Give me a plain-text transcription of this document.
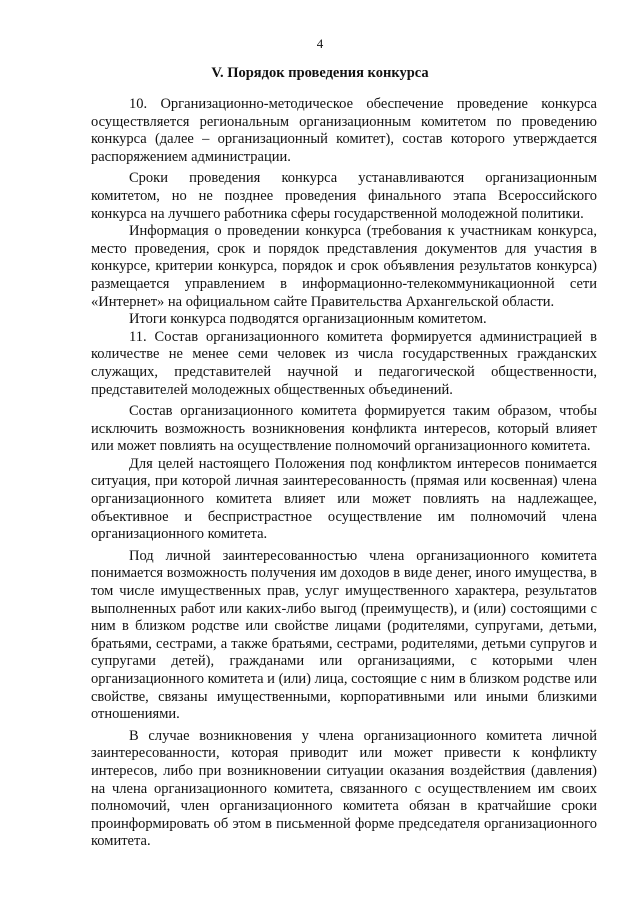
4
V. Порядок проведения конкурса

10. Организационно-методическое обеспечение проведение конкурса осуществляется региональным организационным комитетом по проведению конкурса (далее – организационный комитет), состав которого утверждается распоряжением администрации.

Сроки проведения конкурса устанавливаются организационным комитетом, но не позднее проведения финального этапа Всероссийского конкурса на лучшего работника сферы государственной молодежной политики.

Информация о проведении конкурса (требования к участникам конкурса, место проведения, срок и порядок представления документов для участия в конкурсе, критерии конкурса, порядок и срок объявления результатов конкурса) размещается управлением в информационно-телекоммуникационной сети «Интернет» на официальном сайте Правительства Архангельской области.

Итоги конкурса подводятся организационным комитетом.

11. Состав организационного комитета формируется администрацией в количестве не менее семи человек из числа государственных гражданских служащих, представителей научной и педагогической общественности, представителей молодежных общественных объединений.

Состав организационного комитета формируется таким образом, чтобы исключить возможность возникновения конфликта интересов, который влияет или может повлиять на осуществление полномочий организационного комитета.

Для целей настоящего Положения под конфликтом интересов понимается ситуация, при которой личная заинтересованность (прямая или косвенная) члена организационного комитета влияет или может повлиять на надлежащее, объективное и беспристрастное осуществление им полномочий члена организационного комитета.

Под личной заинтересованностью члена организационного комитета понимается возможность получения им доходов в виде денег, иного имущества, в том числе имущественных прав, услуг имущественного характера, результатов выполненных работ или каких-либо выгод (преимуществ), и (или) состоящими с ним в близком родстве или свойстве лицами (родителями, супругами, детьми, братьями, сестрами, а также братьями, сестрами, родителями, детьми супругов и супругами детей), гражданами или организациями, с которыми член организационного комитета и (или) лица, состоящие с ним в близком родстве или свойстве, связаны имущественными, корпоративными или иными близкими отношениями.

В случае возникновения у члена организационного комитета личной заинтересованности, которая приводит или может привести к конфликту интересов, либо при возникновении ситуации оказания воздействия (давления) на члена организационного комитета, связанного с осуществлением им своих полномочий, член организационного комитета обязан в кратчайшие сроки проинформировать об этом в письменной форме председателя организационного комитета.
